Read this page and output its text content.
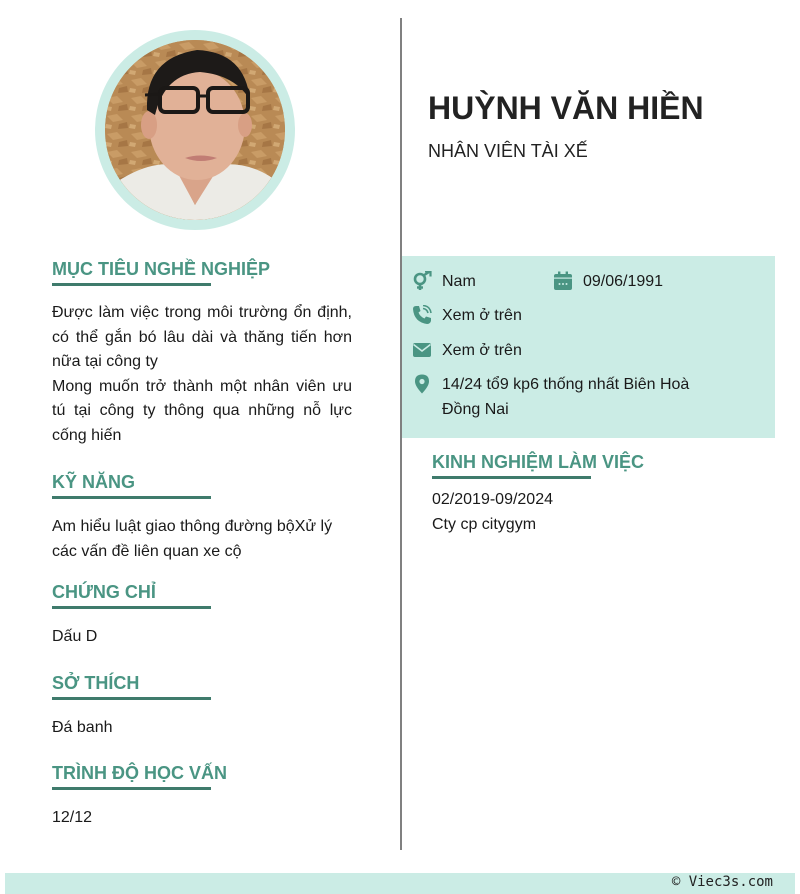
HUỲNH VĂN HIỀN
NHÂN VIÊN TÀI XẾ
Nam	09/06/1991
Xem ở trên
Xem ở trên
14/24 tổ9 kp6 thống nhất Biên Hoà
Đồng Nai
KINH NGHIỆM LÀM VIỆC
02/2019-09/2024
Cty cp citygym
MỤC TIÊU NGHỀ NGHIỆP
Được làm việc trong môi trường ổn định, có thể gắn bó lâu dài và thăng tiến hơn nữa tại công ty
Mong muốn trở thành một nhân viên ưu tú tại công ty thông qua những nỗ lực cống hiến
KỸ NĂNG
Am hiểu luật giao thông đường bộXử lý các vấn đề liên quan xe cộ
CHỨNG CHỈ
Dấu D
SỞ THÍCH
Đá banh
TRÌNH ĐỘ HỌC VẤN
12/12
© Viec3s.com
